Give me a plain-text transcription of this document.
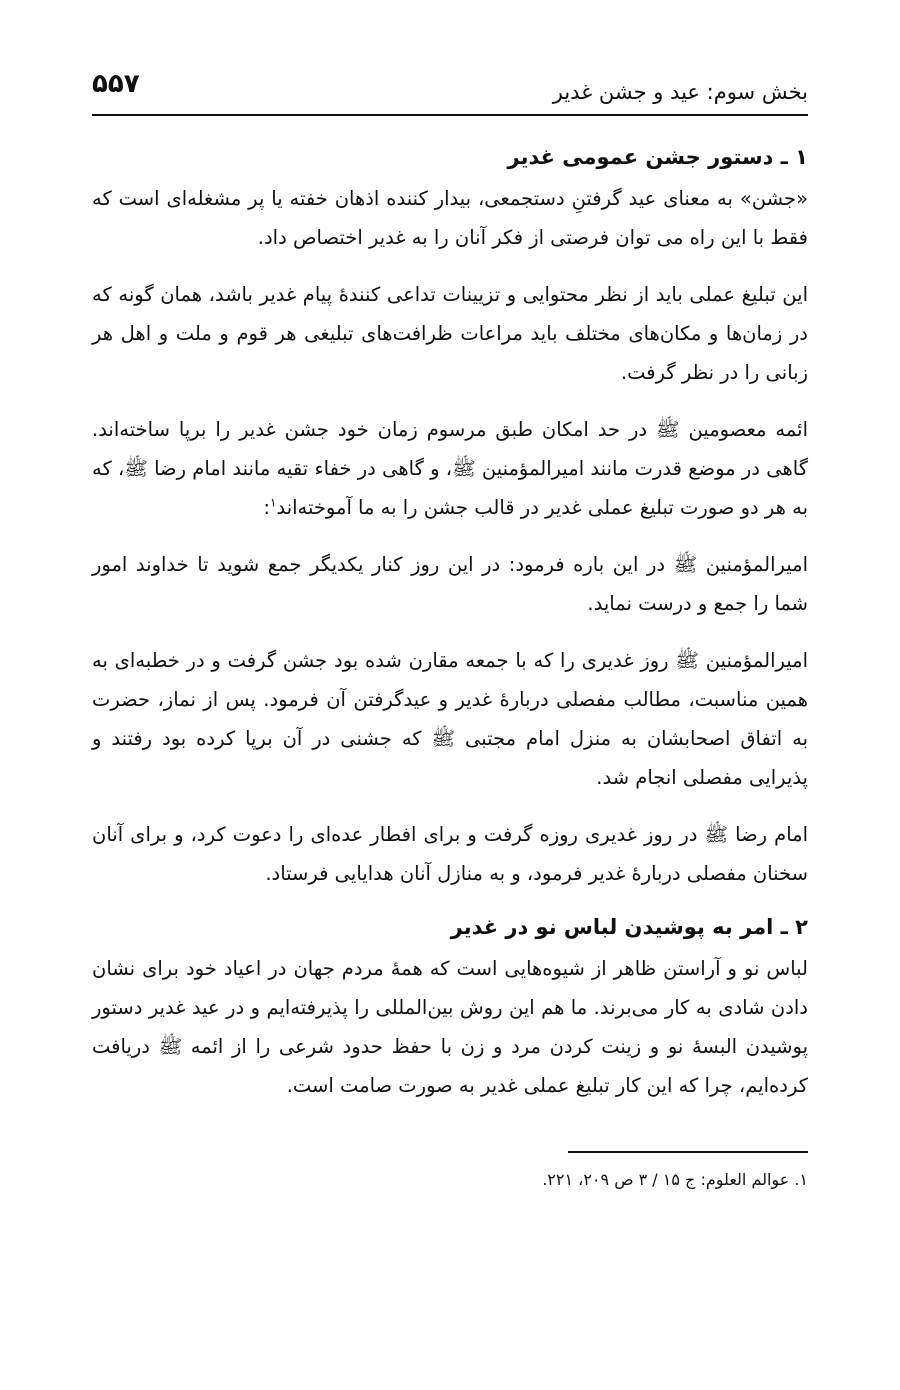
بخش سوم: عید و جشن غدیر
۵۵۷
۱ ـ دستور جشن عمومی غدیر

«جشن» به معنای عید گرفتنِ دستجمعی، بیدار کننده اذهان خفته یا پر مشغله‌ای است که فقط با این راه می توان فرصتی از فکر آنان را به غدیر اختصاص داد.

این تبلیغ عملی باید از نظر محتوایی و تزیینات تداعی کنندهٔ پیام غدیر باشد، همان گونه که در زمان‌ها و مکان‌های مختلف باید مراعات ظرافت‌های تبلیغی هر قوم و ملت و اهل هر زبانی را در نظر گرفت.

ائمه معصومین ﷺ در حد امکان طبق مرسوم زمان خود جشن غدیر را برپا ساخته‌اند. گاهی در موضع قدرت مانند امیرالمؤمنین ﷺ، و گاهی در خفاء تقیه مانند امام رضا ﷺ، که به هر دو صورت تبلیغ عملی غدیر در قالب جشن را به ما آموخته‌اند$^۱$:

امیرالمؤمنین ﷺ در این باره فرمود: در این روز کنار یکدیگر جمع شوید تا خداوند امور شما را جمع و درست نماید.

امیرالمؤمنین ﷺ روز غدیری را که با جمعه مقارن شده بود جشن گرفت و در خطبه‌ای به همین مناسبت، مطالب مفصلی دربارهٔ غدیر و عیدگرفتن آن فرمود. پس از نماز، حضرت به اتفاق اصحابشان به منزل امام مجتبی ﷺ که جشنی در آن برپا کرده بود رفتند و پذیرایی مفصلی انجام شد.

امام رضا ﷺ در روز غدیری روزه گرفت و برای افطار عده‌ای را دعوت کرد، و برای آنان سخنان مفصلی دربارهٔ غدیر فرمود، و به منازل آنان هدایایی فرستاد.

۲ ـ امر به پوشیدن لباس نو در غدیر

لباس نو و آراستن ظاهر از شیوه‌هایی است که همهٔ مردم جهان در اعیاد خود برای نشان دادن شادی به کار می‌برند. ما هم این روش بین‌المللی را پذیرفته‌ایم و در عید غدیر دستور پوشیدن البسهٔ نو و زینت کردن مرد و زن با حفظ حدود شرعی را از ائمه ﷺ دریافت کرده‌ایم، چرا که این کار تبلیغ عملی غدیر به صورت صامت است.

۱. عوالم العلوم: ج ۱۵ / ۳ ص ۲۰۹، ۲۲۱.
